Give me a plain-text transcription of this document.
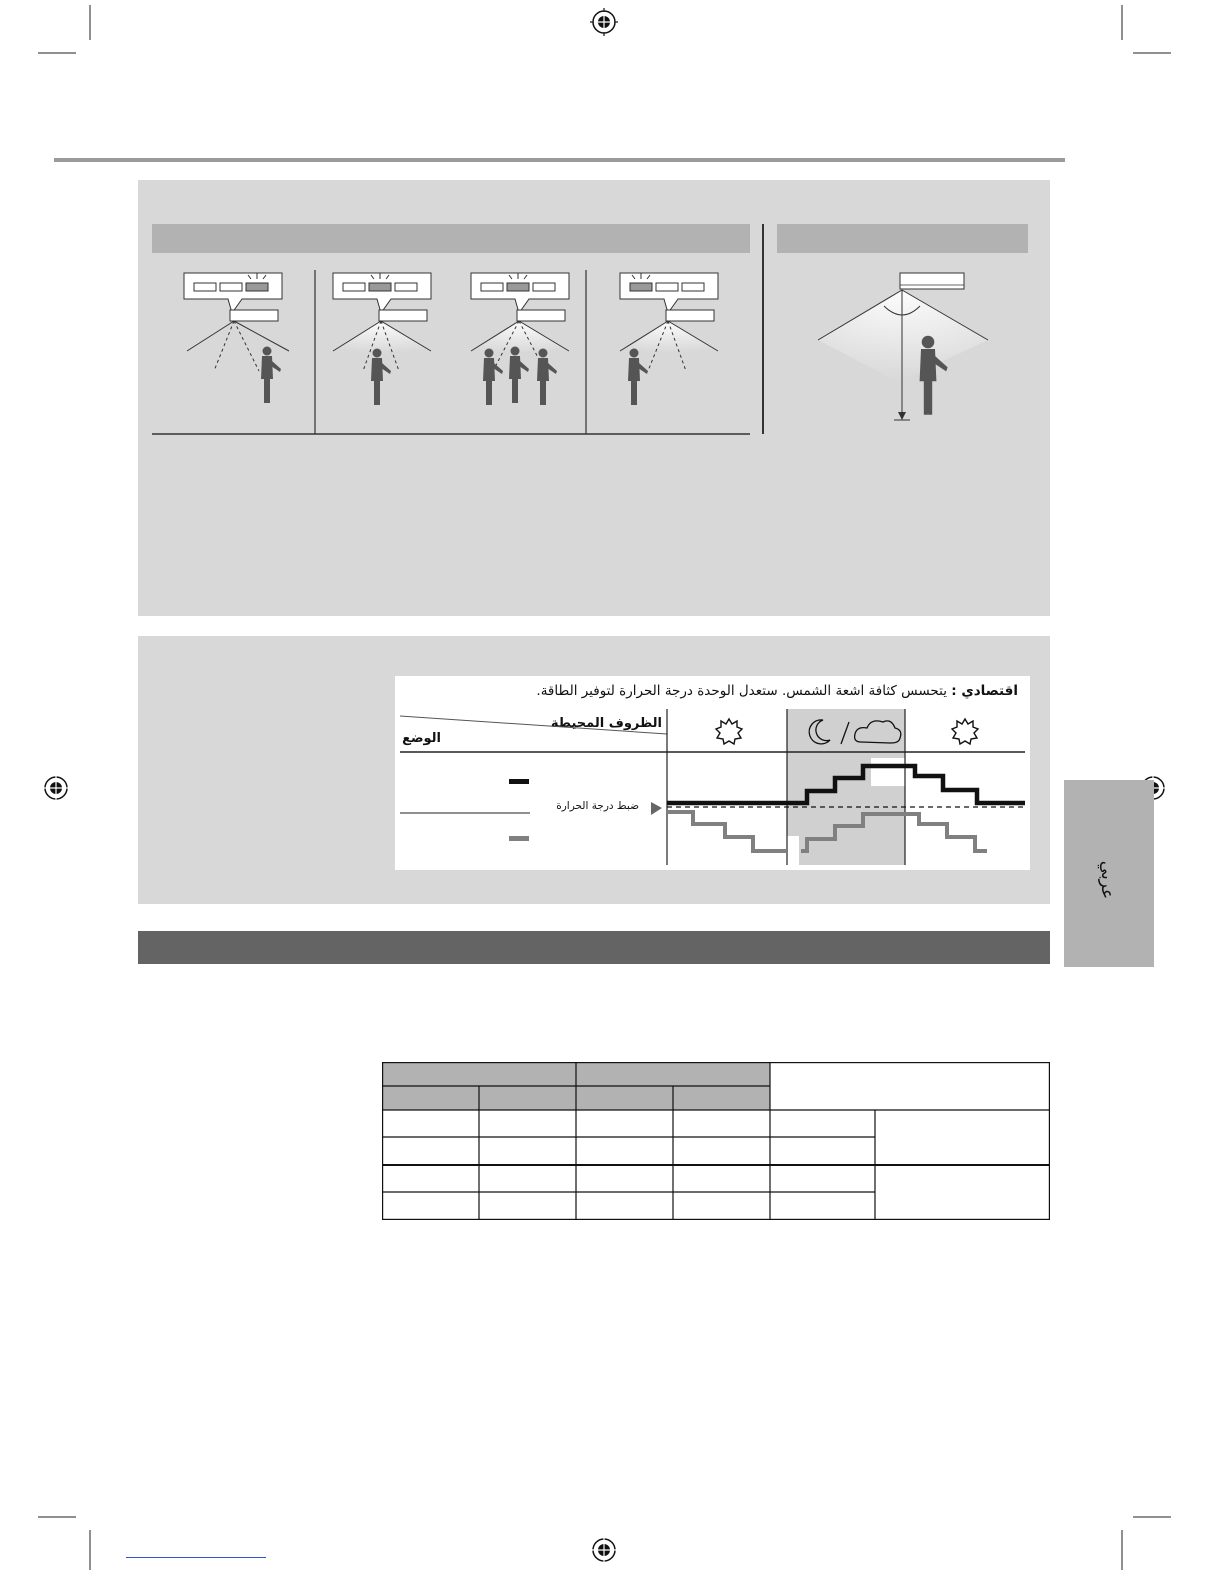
عربي
اقتصادي : يتحسس كثافة اشعة الشمس. ستعدل الوحدة درجة الحرارة لتوفير الطاقة.
الظروف المحيطة
الوضع
ضبط درجة الحرارة
